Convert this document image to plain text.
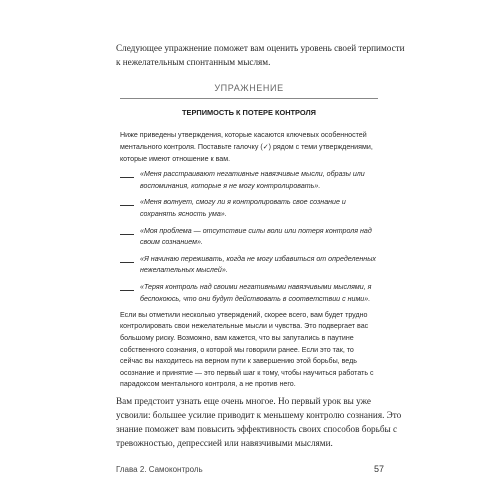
Следующее упражнение поможет вам оценить уровень своей терпимости к нежелательным спонтанным мыслям.

УПРАЖНЕНИЕ

ТЕРПИМОСТЬ К ПОТЕРЕ КОНТРОЛЯ

Ниже приведены утверждения, которые касаются ключевых особенностей ментального контроля. Поставьте галочку (✓) рядом с теми утверждениями, которые имеют отношение к вам.

«Меня расстраивают негативные навязчивые мысли, образы или воспоминания, которые я не могу контролировать».
«Меня волнует, смогу ли я контролировать свое сознание и сохранять ясность ума».
«Моя проблема — отсутствие силы воли или потеря контроля над своим сознанием».
«Я начинаю переживать, когда не могу избавиться от определенных нежелательных мыслей».
«Теряя контроль над своими негативными навязчивыми мыслями, я беспокоюсь, что они будут действовать в соответствии с ними».

Если вы отметили несколько утверждений, скорее всего, вам будет трудно контролировать свои нежелательные мысли и чувства. Это подвергает вас большому риску. Возможно, вам кажется, что вы запутались в паутине собственного сознания, о которой мы говорили ранее. Если это так, то сейчас вы находитесь на верном пути к завершению этой борьбы, ведь осознание и принятие — это первый шаг к тому, чтобы научиться работать с парадоксом ментального контроля, а не против него.

Вам предстоит узнать еще очень многое. Но первый урок вы уже усвоили: большее усилие приводит к меньшему контролю сознания. Это знание поможет вам повысить эффективность своих способов борьбы с тревожностью, депрессией или навязчивыми мыслями.

Глава 2. Самоконтроль	57
